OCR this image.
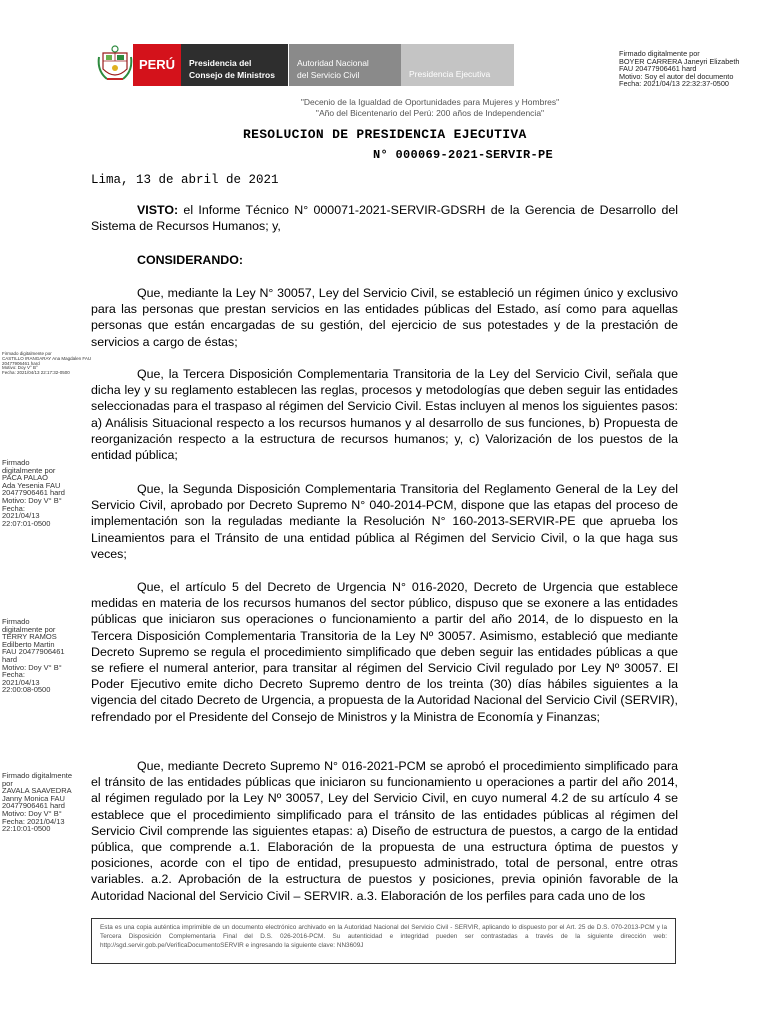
PERÚ	Presidencia del
Consejo de Ministros
Autoridad Nacional
del Servicio Civil	Presidencia Ejecutiva
Firmado digitalmente por
BOYER CARRERA Janeyri Elizabeth
FAU 20477906461 hard
Motivo: Soy el autor del documento
Fecha: 2021/04/13 22:32:37-0500
Firmado digitalmente por
CASTILLO IRANGARAY Ana Magdalen FAU
20477906461 hard
Motivo: Doy V° B°
Fecha: 2021/04/13 22:17:32-0500
Firmado
digitalmente por
PACA PALAO
Ada Yesenia FAU
20477906461 hard
Motivo: Doy V° B°
Fecha:
2021/04/13
22:07:01-0500
Firmado
digitalmente por
TERRY RAMOS
Edilberto Martin
FAU 20477906461
hard
Motivo: Doy V° B°
Fecha:
2021/04/13
22:00:08-0500
Firmado digitalmente
por
ZAVALA SAAVEDRA
Janny Monica FAU
20477906461 hard
Motivo: Doy V° B°
Fecha: 2021/04/13
22:10:01-0500
"Decenio de la Igualdad de Oportunidades para Mujeres y Hombres"
"Año del Bicentenario del Perú: 200 años de Independencia"
RESOLUCION DE PRESIDENCIA EJECUTIVA
N° 000069-2021-SERVIR-PE
Lima, 13 de abril de 2021

VISTO: el Informe Técnico N° 000071-2021-SERVIR-GDSRH de la Gerencia de Desarrollo del Sistema de Recursos Humanos; y,

CONSIDERANDO:

Que, mediante la Ley N° 30057, Ley del Servicio Civil, se estableció un régimen único y exclusivo para las personas que prestan servicios en las entidades públicas del Estado, así como para aquellas personas que están encargadas de su gestión, del ejercicio de sus potestades y de la prestación de servicios a cargo de éstas;

Que, la Tercera Disposición Complementaria Transitoria de la Ley del Servicio Civil, señala que dicha ley y su reglamento establecen las reglas, procesos y metodologías que deben seguir las entidades seleccionadas para el traspaso al régimen del Servicio Civil. Estas incluyen al menos los siguientes pasos: a) Análisis Situacional respecto a los recursos humanos y al desarrollo de sus funciones, b) Propuesta de reorganización respecto a la estructura de recursos humanos; y, c) Valorización de los puestos de la entidad pública;

Que, la Segunda Disposición Complementaria Transitoria del Reglamento General de la Ley del Servicio Civil, aprobado por Decreto Supremo N° 040-2014-PCM, dispone que las etapas del proceso de implementación son la reguladas mediante la Resolución N° 160-2013-SERVIR-PE que aprueba los Lineamientos para el Tránsito de una entidad pública al Régimen del Servicio Civil, o la que haga sus veces;

Que, el artículo 5 del Decreto de Urgencia N° 016-2020, Decreto de Urgencia que establece medidas en materia de los recursos humanos del sector público, dispuso que se exonere a las entidades públicas que iniciaron sus operaciones o funcionamiento a partir del año 2014, de lo dispuesto en la Tercera Disposición Complementaria Transitoria de la Ley Nº 30057. Asimismo, estableció que mediante Decreto Supremo se regula el procedimiento simplificado que deben seguir las entidades públicas a que se refiere el numeral anterior, para transitar al régimen del Servicio Civil regulado por Ley Nº 30057. El Poder Ejecutivo emite dicho Decreto Supremo dentro de los treinta (30) días hábiles siguientes a la vigencia del citado Decreto de Urgencia, a propuesta de la Autoridad Nacional del Servicio Civil (SERVIR), refrendado por el Presidente del Consejo de Ministros y la Ministra de Economía y Finanzas;

Que, mediante Decreto Supremo N° 016-2021-PCM se aprobó el procedimiento simplificado para el tránsito de las entidades públicas que iniciaron su funcionamiento u operaciones a partir del año 2014, al régimen regulado por la Ley Nº 30057, Ley del Servicio Civil, en cuyo numeral 4.2 de su artículo 4 se establece que el procedimiento simplificado para el tránsito de las entidades públicas al régimen del Servicio Civil comprende las siguientes etapas: a) Diseño de estructura de puestos, a cargo de la entidad pública, que comprende a.1. Elaboración de la propuesta de una estructura óptima de puestos y posiciones, acorde con el tipo de entidad, presupuesto administrado, total de personal, entre otras variables. a.2. Aprobación de la estructura de puestos y posiciones, previa opinión favorable de la Autoridad Nacional del Servicio Civil – SERVIR. a.3. Elaboración de los perfiles para cada uno de los

Esta es una copia auténtica imprimible de un documento electrónico archivado en la Autoridad Nacional del Servicio Civil - SERVIR, aplicando lo dispuesto por el Art. 25 de D.S. 070-2013-PCM y la Tercera Disposición Complementaria Final del D.S. 026-2016-PCM. Su autenticidad e integridad pueden ser contrastadas a través de la siguiente dirección web: http://sgd.servir.gob.pe/VerificaDocumentoSERVIR e ingresando la siguiente clave: NN3609J
